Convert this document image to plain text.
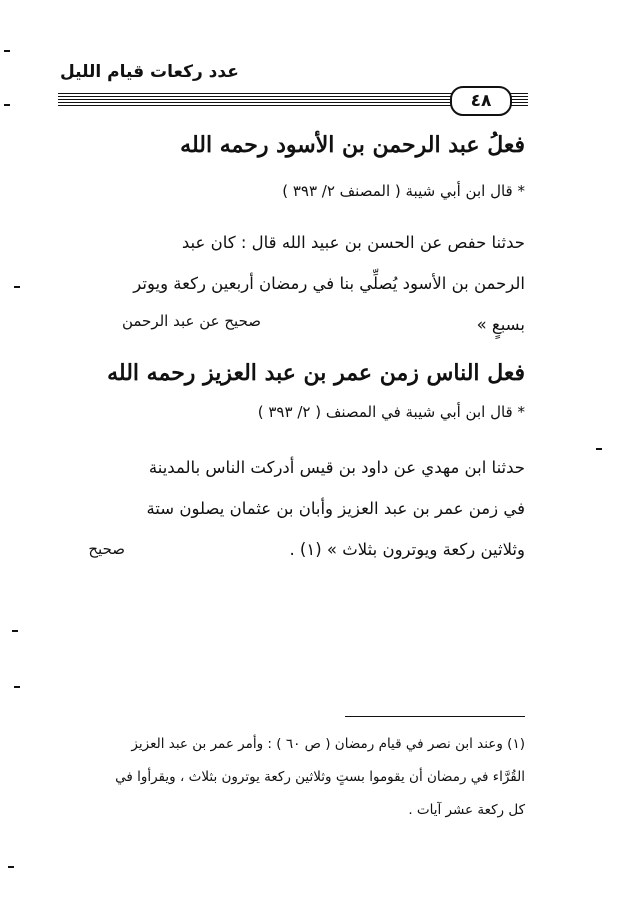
عدد ركعات قيام الليل
٤٨
فعلُ عبد الرحمن بن الأسود رحمه الله
* قال ابن أبي شيبة ( المصنف ٢/ ٣٩٣ )
حدثنا حفص عن الحسن بن عبيد الله قال : كان عبد
الرحمن بن الأسود يُصلِّي بنا في رمضان أربعين ركعة ويوتر
بسبعٍ »
صحيح عن عبد الرحمن
فعل الناس زمن عمر بن عبد العزيز رحمه الله
* قال ابن أبي شيبة في المصنف ( ٢/ ٣٩٣ )
حدثنا ابن مهدي عن داود بن قيس أدركت الناس بالمدينة
في زمن عمر بن عبد العزيز وأبان بن عثمان يصلون ستة
وثلاثين ركعة ويوترون بثلاث » (١) .
صحيح
(١) وعند ابن نصر في قيام رمضان ( ص ٦٠ ) : وأمر عمر بن عبد العزيز
القُرَّاء في رمضان أن يقوموا بستٍ وثلاثين ركعة يوترون بثلاث ، ويقرأوا في
كل ركعة عشر آيات .
